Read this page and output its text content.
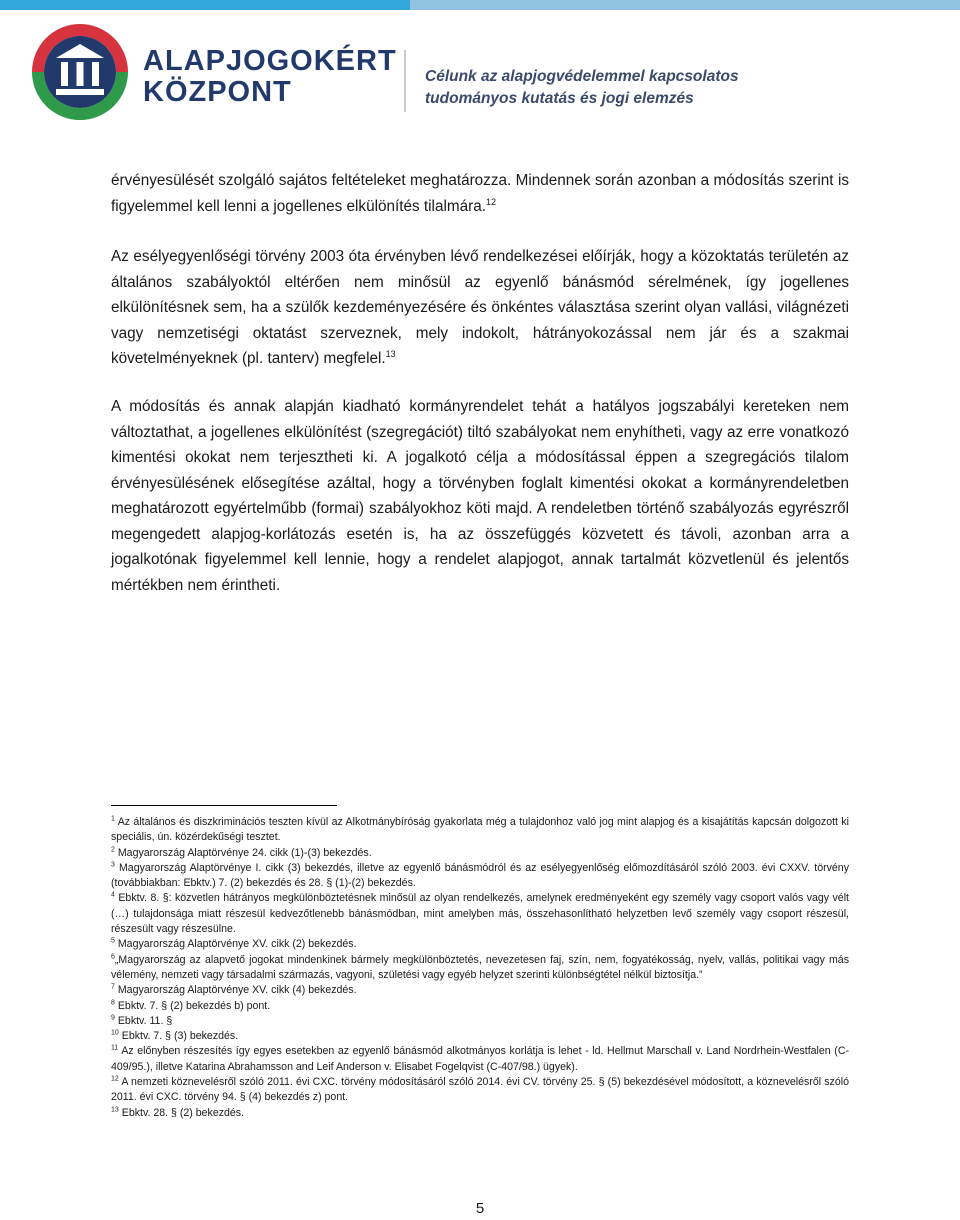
ALAPJOGOKÉRT
KÖZPONT	Célunk az alapjogvédelemmel kapcsolatos
tudományos kutatás és jogi elemzés
érvényesülését szolgáló sajátos feltételeket meghatározza. Mindennek során azonban a módosítás szerint is figyelemmel kell lenni a jogellenes elkülönítés tilalmára.$^{12}$
Az esélyegyenlőségi törvény 2003 óta érvényben lévő rendelkezései előírják, hogy a közoktatás területén az általános szabályoktól eltérően nem minősül az egyenlő bánásmód sérelmének, így jogellenes elkülönítésnek sem, ha a szülők kezdeményezésére és önkéntes választása szerint olyan vallási, világnézeti vagy nemzetiségi oktatást szerveznek, mely indokolt, hátrányokozással nem jár és a szakmai követelményeknek (pl. tanterv) megfelel.$^{13}$
A módosítás és annak alapján kiadható kormányrendelet tehát a hatályos jogszabályi kereteken nem változtathat, a jogellenes elkülönítést (szegregációt) tiltó szabályokat nem enyhítheti, vagy az erre vonatkozó kimentési okokat nem terjesztheti ki. A jogalkotó célja a módosítással éppen a szegregációs tilalom érvényesülésének elősegítése azáltal, hogy a törvényben foglalt kimentési okokat a kormányrendeletben meghatározott egyértelműbb (formai) szabályokhoz köti majd. A rendeletben történő szabályozás egyrészről megengedett alapjog-korlátozás esetén is, ha az összefüggés közvetett és távoli, azonban arra a jogalkotónak figyelemmel kell lennie, hogy a rendelet alapjogot, annak tartalmát közvetlenül és jelentős mértékben nem érintheti.

$^1$ Az általános és diszkriminációs teszten kívül az Alkotmánybíróság gyakorlata még a tulajdonhoz való jog mint alapjog és a kisajátítás kapcsán dolgozott ki speciális, ún. közérdekűségi tesztet.

$^2$ Magyarország Alaptörvénye 24. cikk (1)-(3) bekezdés.

$^3$ Magyarország Alaptörvénye I. cikk (3) bekezdés, illetve az egyenlő bánásmódról és az esélyegyenlőség előmozdításáról szóló 2003. évi CXXV. törvény (továbbiakban: Ebktv.) 7. (2) bekezdés és 28. § (1)-(2) bekezdés.

$^4$ Ebktv. 8. §: közvetlen hátrányos megkülönböztetésnek minősül az olyan rendelkezés, amelynek eredményeként egy személy vagy csoport valós vagy vélt (…) tulajdonsága miatt részesül kedvezőtlenebb bánásmódban, mint amelyben más, összehasonlítható helyzetben levő személy vagy csoport részesül, részesült vagy részesülne.

$^5$ Magyarország Alaptörvénye XV. cikk (2) bekezdés.

$^6$„Magyarország az alapvető jogokat mindenkinek bármely megkülönböztetés, nevezetesen faj, szín, nem, fogyatékosság, nyelv, vallás, politikai vagy más vélemény, nemzeti vagy társadalmi származás, vagyoni, születési vagy egyéb helyzet szerinti különbségtétel nélkül biztosítja.”

$^7$ Magyarország Alaptörvénye XV. cikk (4) bekezdés.

$^8$ Ebktv. 7. § (2) bekezdés b) pont.

$^9$ Ebktv. 11. §

$^{10}$ Ebktv. 7. § (3) bekezdés.

$^{11}$ Az előnyben részesítés így egyes esetekben az egyenlő bánásmód alkotmányos korlátja is lehet - ld. Hellmut Marschall v. Land Nordrhein-Westfalen (C-409/95.), illetve Katarina Abrahamsson and Leif Anderson v. Elisabet Fogelqvist (C-407/98.) ügyek).

$^{12}$ A nemzeti köznevelésről szóló 2011. évi CXC. törvény módosításáról szóló 2014. évi CV. törvény 25. § (5) bekezdésével módosított, a köznevelésről szóló 2011. évi CXC. törvény 94. § (4) bekezdés z) pont.

$^{13}$ Ebktv. 28. § (2) bekezdés.

5
